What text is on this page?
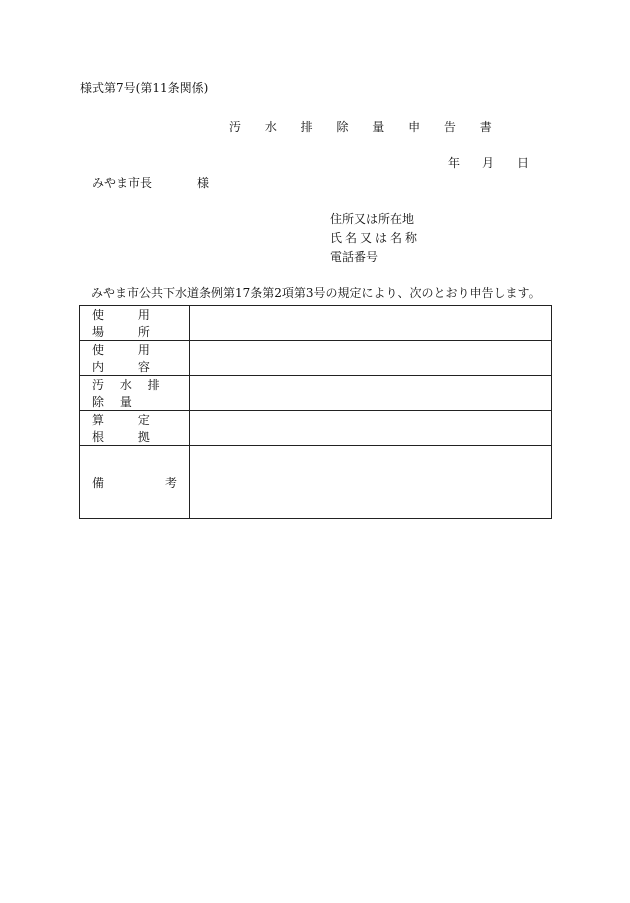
様式第7号(第11条関係)
汚 水 排 除 量 申 告 書
年 月 日
みやま市長	様
住所又は所在地
氏名又は名称
電話番号
みやま市公共下水道条例第17条第2項第3号の規定により、次のとおり申告します。
使 用 場 所	

使 用 内 容	

汚 水 排 除 量	

算 定 根 拠	

備 考	
